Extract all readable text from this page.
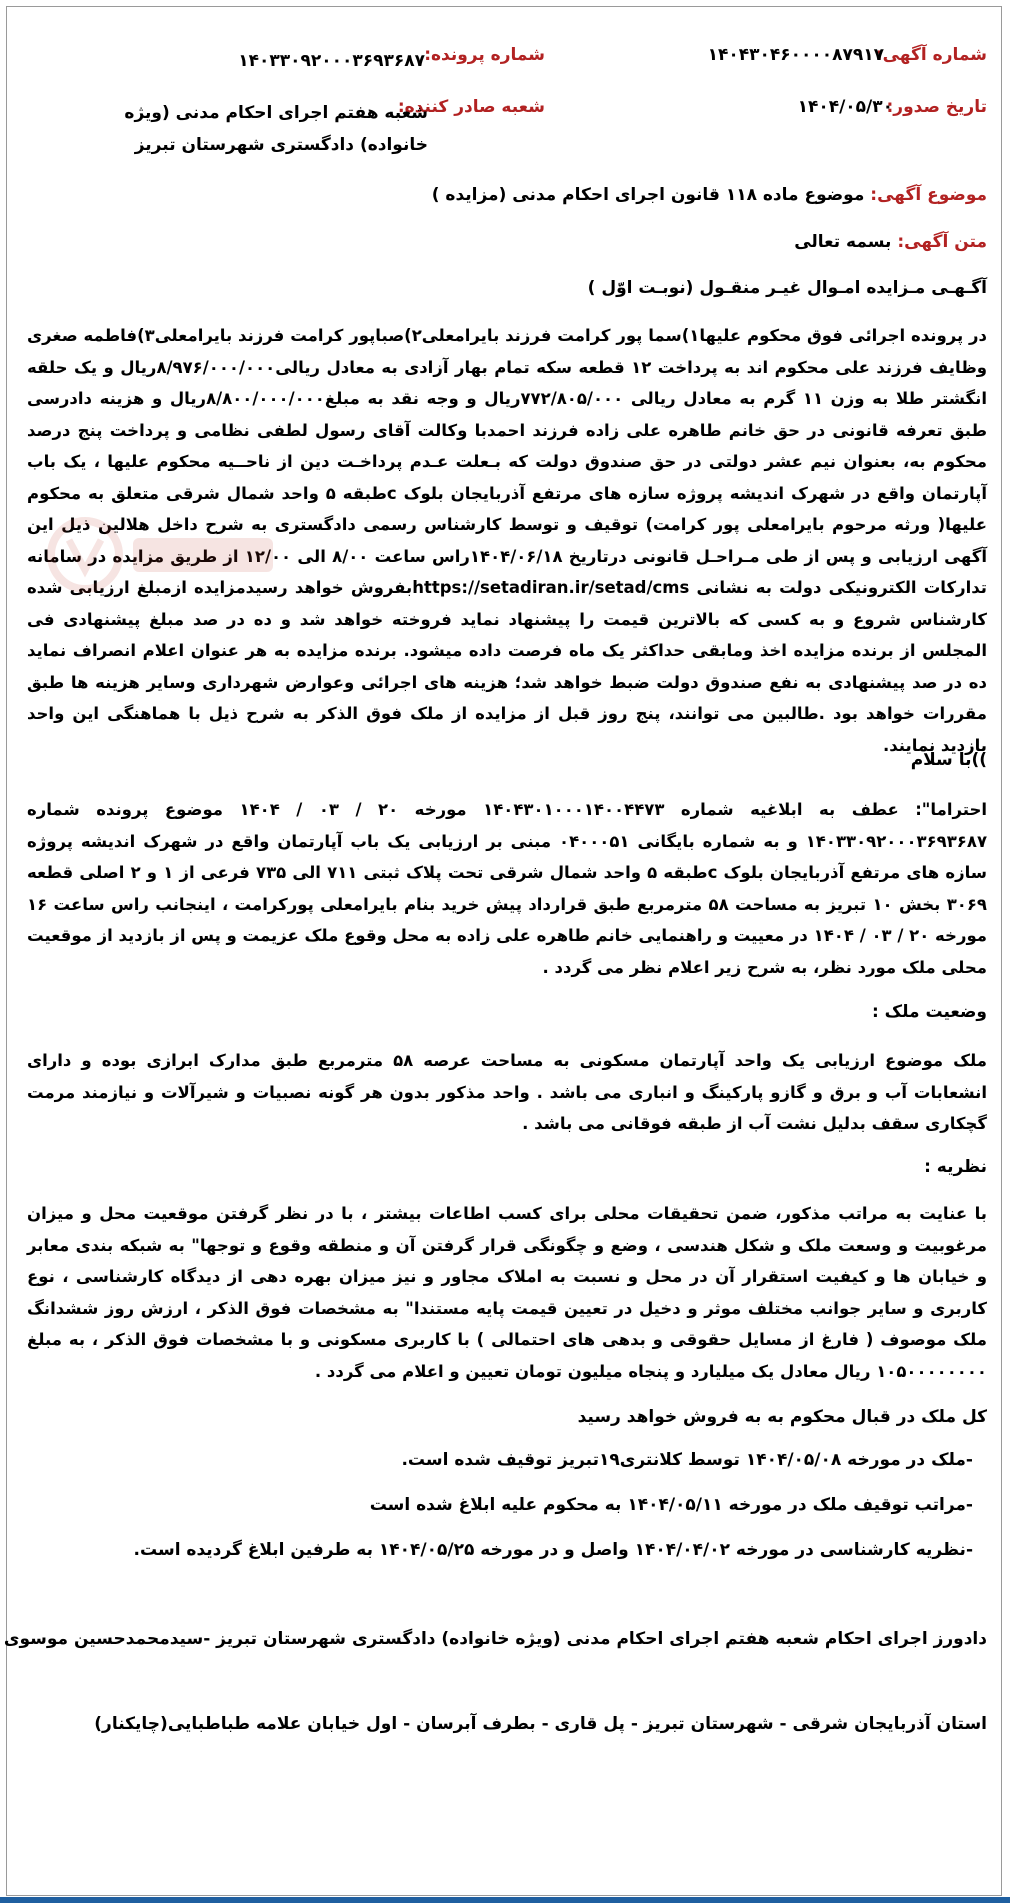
شماره آگهی:
۱۴۰۴۳۰۴۶۰۰۰۰۸۷۹۱۷
شماره پرونده:
۱۴۰۳۳۰۹۲۰۰۰۳۶۹۳۶۸۷
تاریخ صدور:
۱۴۰۴/۰۵/۳۰
شعبه صادر کننده:
شعبه هفتم اجرای احکام مدنی (ویژه خانواده) دادگستری شهرستان تبریز
موضوع آگهی: موضوع ماده ۱۱۸ قانون اجرای احکام مدنی (مزایده )
متن آگهی: بسمه تعالی
آگـهـی مـزایده امـوال غیـر منقـول (نوبـت اوّل )
در پرونده اجرائی فوق محکوم علیها۱)سما پور کرامت فرزند بایرامعلی۲)صباپور کرامت فرزند بایرامعلی۳)فاطمه صغری وظایف فرزند علی محکوم اند به پرداخت ۱۲ قطعه سکه تمام بهار آزادی به معادل ریالی۸/۹۷۶/۰۰۰/۰۰۰ریال و یک حلقه انگشتر طلا به وزن ۱۱ گرم به معادل ریالی ۷۷۲/۸۰۵/۰۰۰ریال و وجه نقد به مبلغ۸/۸۰۰/۰۰۰/۰۰۰ریال و هزینه دادرسی طبق تعرفه قانونی در حق خانم طاهره علی زاده فرزند احمدبا وکالت آقای رسول لطفی نظامی و پرداخت پنج درصد محکوم به، بعنوان نیم عشر دولتی در حق صندوق دولت که بـعلت عـدم پرداخـت دین از ناحــیه محکوم علیها ، یک باب آپارتمان واقع در شهرک اندیشه پروژه سازه های مرتفع آذربایجان بلوک cطبقه ۵ واحد شمال شرقی متعلق به محکوم علیها( ورثه مرحوم بایرامعلی پور کرامت) توقیف و توسط کارشناس رسمی دادگستری به شرح داخل هلالین ذیل این آگهی ارزیابی و پس از طی مـراحـل قانونی درتاریخ ۱۴۰۴/۰۶/۱۸راس ساعت ۸/۰۰ الی ۱۲/۰۰ از طریق مزایده در سامانه تدارکات الکترونیکی دولت به نشانی https://setadiran.ir/setad/cmsبفروش خواهد رسیدمزایده ازمبلغ ارزیابی شده کارشناس شروع و به کسی که بالاترین قیمت را پیشنهاد نماید فروخته خواهد شد و ده در صد مبلغ پیشنهادی فی المجلس از برنده مزایده اخذ ومابقی حداکثر یک ماه فرصت داده میشود. برنده مزایده به هر عنوان اعلام انصراف نماید ده در صد پیشنهادی به نفع صندوق دولت ضبط خواهد شد؛ هزینه های اجرائی وعوارض شهرداری وسایر هزینه ها طبق مقررات خواهد بود .طالبین می توانند، پنج روز قبل از مزایده از ملک فوق الذکر به شرح ذیل با هماهنگی این واحد بازدید نمایند.
))با سلام
احتراما": عطف به ابلاغیه شماره ۱۴۰۴۳۰۱۰۰۰۱۴۰۰۴۴۷۳ مورخه ۲۰ / ۰۳ / ۱۴۰۴ موضوع پرونده شماره ۱۴۰۳۳۰۹۲۰۰۰۳۶۹۳۶۸۷ و به شماره بایگانی ۰۴۰۰۰۵۱ مبنی بر ارزیابی یک باب آپارتمان واقع در شهرک اندیشه پروژه سازه های مرتفع آذربایجان بلوک cطبقه ۵ واحد شمال شرقی تحت پلاک ثبتی ۷۱۱ الی ۷۳۵ فرعی از ۱ و ۲ اصلی قطعه ۳۰۶۹ بخش ۱۰ تبریز به مساحت ۵۸ مترمربع طبق قرارداد پیش خرید بنام بایرامعلی پورکرامت ، اینجانب راس ساعت ۱۶ مورخه ۲۰ / ۰۳ / ۱۴۰۴ در معییت و راهنمایی خانم طاهره علی زاده به محل وقوع ملک عزیمت و پس از بازدید از موقعیت محلی ملک مورد نظر، به شرح زیر اعلام نظر می گردد .
وضعیت ملک :
ملک موضوع ارزیابی یک واحد آپارتمان مسکونی به مساحت عرصه ۵۸ مترمربع طبق مدارک ابرازی بوده و دارای انشعابات آب و برق و گازو پارکینگ و انباری می باشد . واحد مذکور بدون هر گونه نصبیات و شیرآلات و نیازمند مرمت گچکاری سقف بدلیل نشت آب از طبقه فوقانی می باشد .
نظریه :
با عنایت به مراتب مذکور، ضمن تحقیقات محلی برای کسب اطاعات بیشتر ، با در نظر گرفتن موقعیت محل و میزان مرغوبیت و وسعت ملک و شکل هندسی ، وضع و چگونگی قرار گرفتن آن و منطقه وقوع و توجها" به شبکه بندی معابر و خیابان ها و کیفیت استقرار آن در محل و نسبت به املاک مجاور و نیز میزان بهره دهی از دیدگاه کارشناسی ، نوع کاربری و سایر جوانب مختلف موثر و دخیل در تعیین قیمت پایه مستندا" به مشخصات فوق الذکر ، ارزش روز ششدانگ ملک موصوف ( فارغ از مسایل حقوقی و بدهی های احتمالی ) با کاربری مسکونی و با مشخصات فوق الذکر ، به مبلغ ۱۰۵۰۰۰۰۰۰۰۰ ریال معادل یک میلیارد و پنجاه میلیون تومان تعیین و اعلام می گردد .
کل ملک در قبال محکوم به به فروش خواهد رسید
-ملک در مورخه ۱۴۰۴/۰۵/۰۸ توسط کلانتری۱۹تبریز توقیف شده است.
-مراتب توقیف ملک در مورخه ۱۴۰۴/۰۵/۱۱ به محکوم علیه ابلاغ شده است
-نظریه کارشناسی در مورخه ۱۴۰۴/۰۴/۰۲ واصل و در مورخه ۱۴۰۴/۰۵/۲۵ به طرفین ابلاغ گردیده است.
دادورز اجرای احکام شعبه هفتم اجرای احکام مدنی (ویژه خانواده) دادگستری شهرستان تبریز -سیدمحمدحسین موسوی
استان آذربایجان شرقی - شهرستان تبریز - پل قاری - بطرف آبرسان - اول خیابان علامه طباطبایی(چایکنار)
